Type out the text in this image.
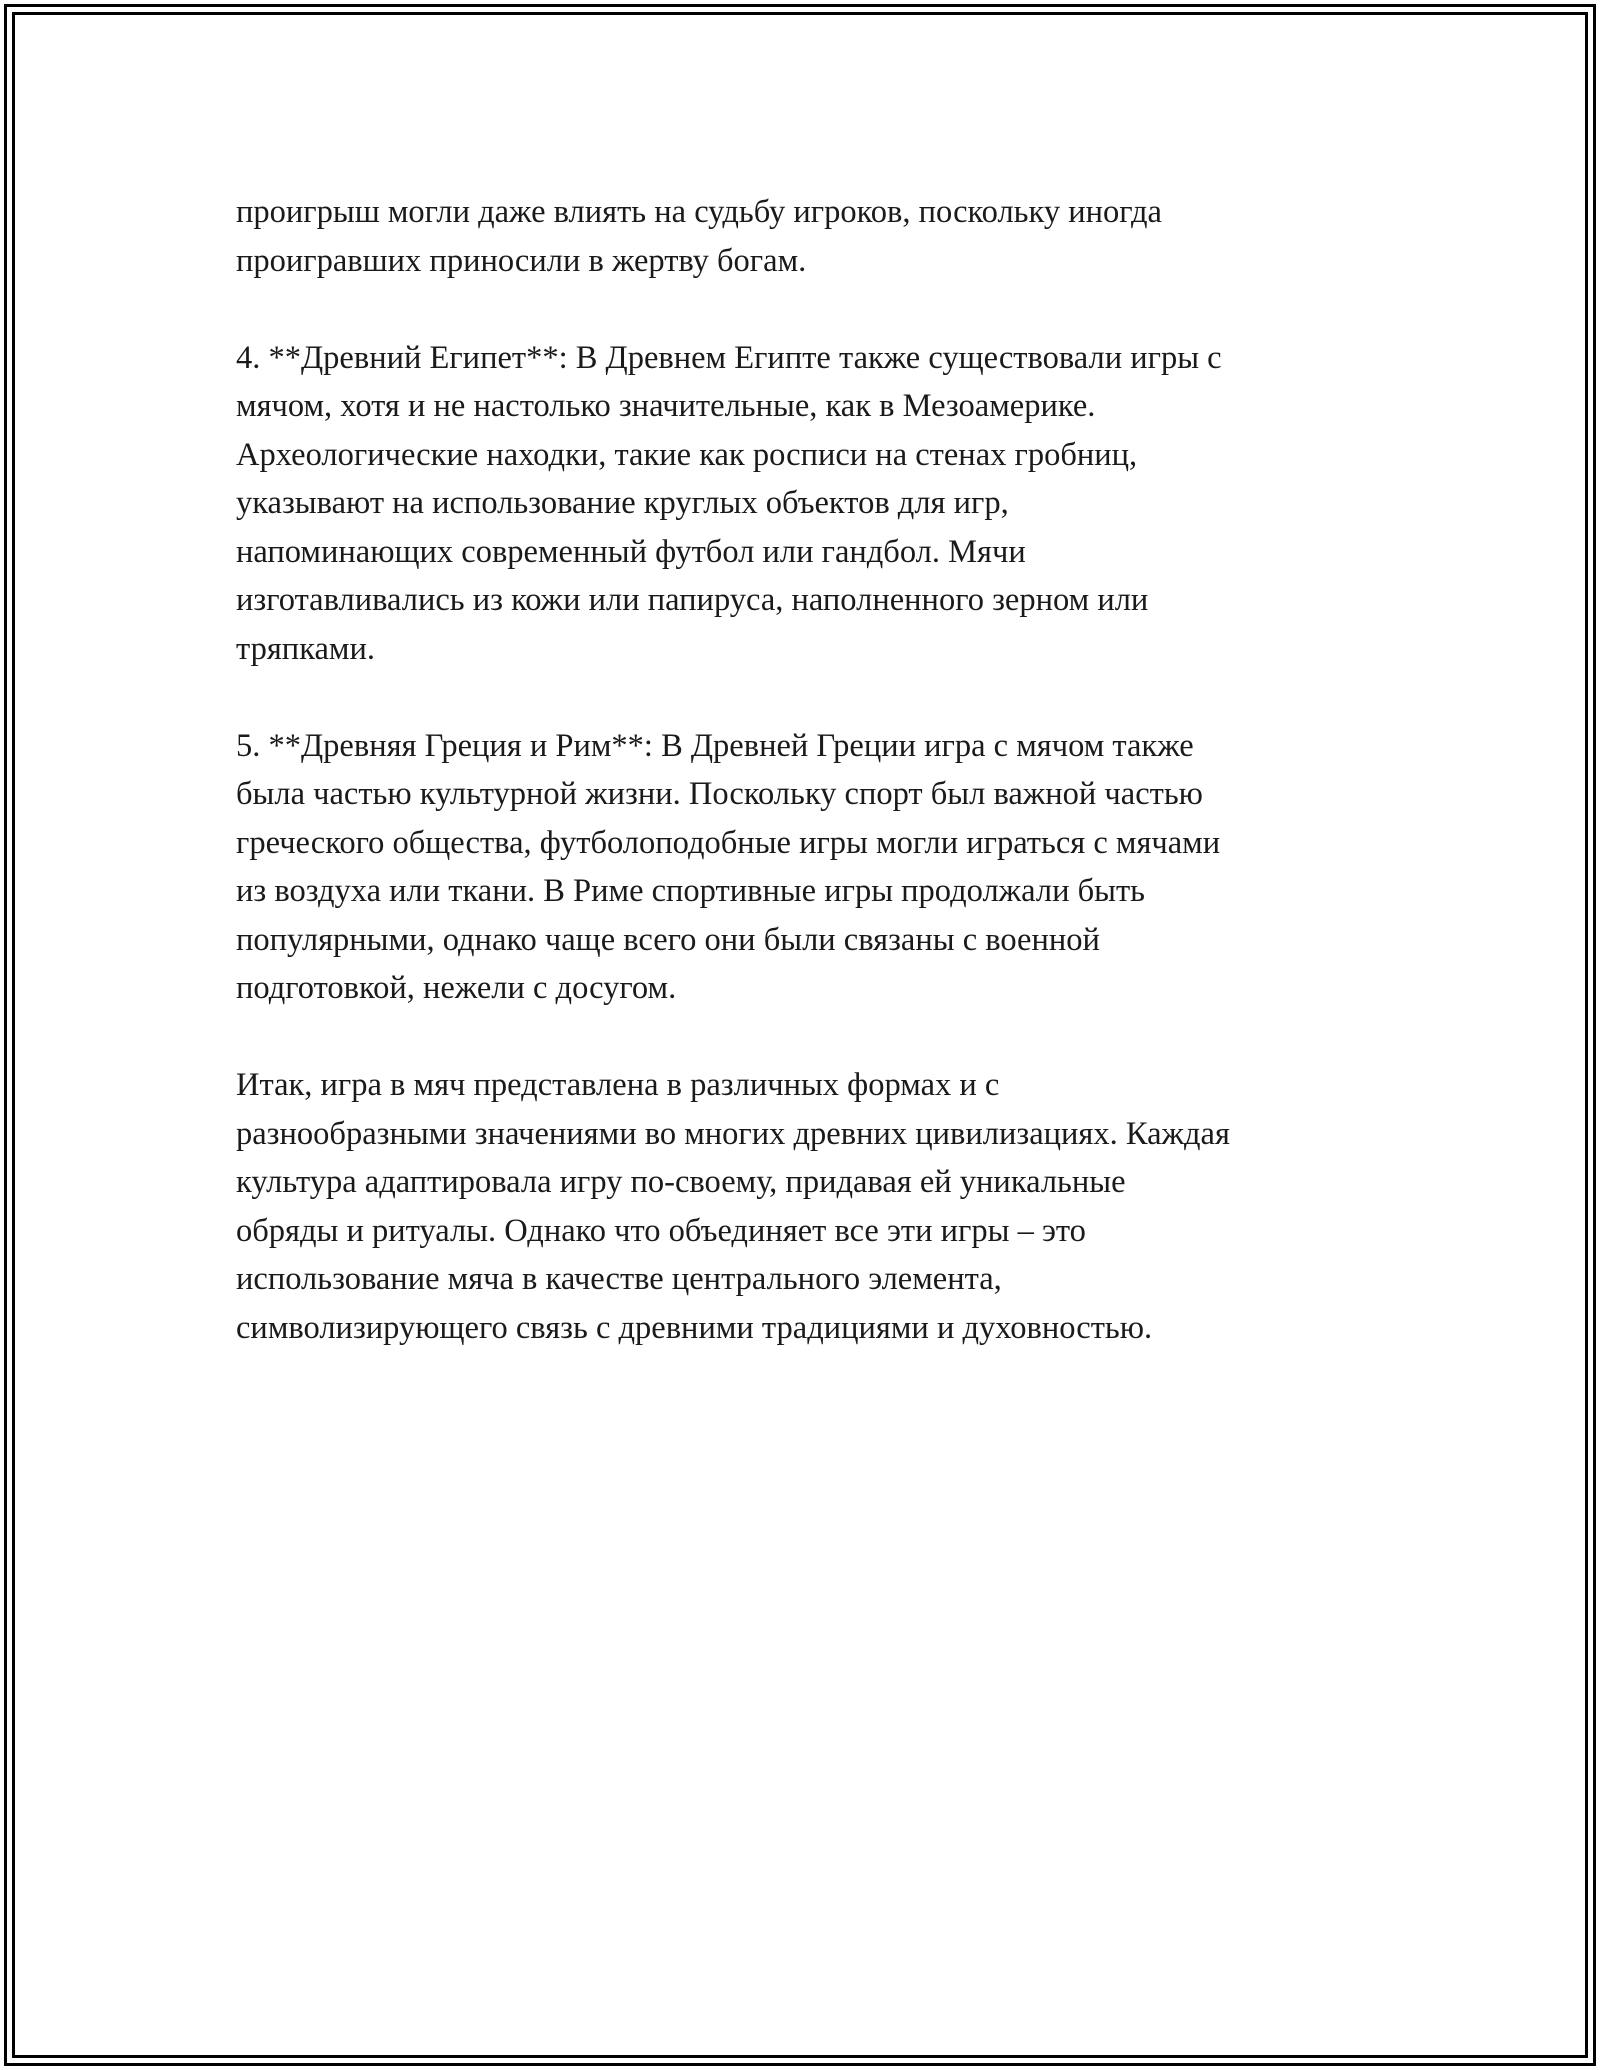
проигрыш могли даже влиять на судьбу игроков, поскольку иногда
проигравших приносили в жертву богам.

4. **Древний Египет**: В Древнем Египте также существовали игры с
мячом, хотя и не настолько значительные, как в Мезоамерике.
Археологические находки, такие как росписи на стенах гробниц,
указывают на использование круглых объектов для игр,
напоминающих современный футбол или гандбол. Мячи
изготавливались из кожи или папируса, наполненного зерном или
тряпками.

5. **Древняя Греция и Рим**: В Древней Греции игра с мячом также
была частью культурной жизни. Поскольку спорт был важной частью
греческого общества, футболоподобные игры могли играться с мячами
из воздуха или ткани. В Риме спортивные игры продолжали быть
популярными, однако чаще всего они были связаны с военной
подготовкой, нежели с досугом.

Итак, игра в мяч представлена в различных формах и с
разнообразными значениями во многих древних цивилизациях. Каждая
культура адаптировала игру по-своему, придавая ей уникальные
обряды и ритуалы. Однако что объединяет все эти игры – это
использование мяча в качестве центрального элемента,
символизирующего связь с древними традициями и духовностью.
